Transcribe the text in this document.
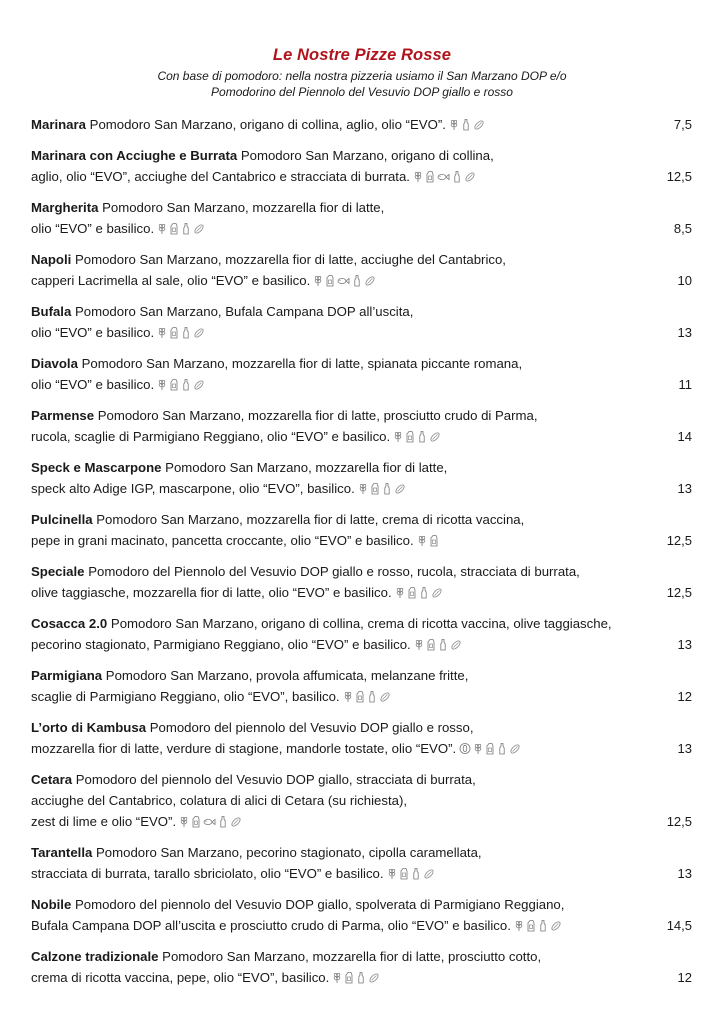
Le Nostre Pizze Rosse
Con base di pomodoro: nella nostra pizzeria usiamo il San Marzano DOP e/o
Pomodorino del Piennolo del Vesuvio DOP giallo e rosso
Marinara Pomodoro San Marzano, origano di collina, aglio, olio “EVO”.	7,5
Marinara con Acciughe e Burrata Pomodoro San Marzano, origano di collina,
aglio, olio “EVO”, acciughe del Cantabrico e stracciata di burrata.	12,5
Margherita Pomodoro San Marzano, mozzarella fior di latte,
olio “EVO” e basilico.	8,5
Napoli Pomodoro San Marzano, mozzarella fior di latte, acciughe del Cantabrico,
capperi Lacrimella al sale, olio “EVO” e basilico.	10
Bufala Pomodoro San Marzano, Bufala Campana DOP all’uscita,
olio “EVO” e basilico.	13
Diavola Pomodoro San Marzano, mozzarella fior di latte, spianata piccante romana,
olio “EVO” e basilico.	11
Parmense Pomodoro San Marzano, mozzarella fior di latte, prosciutto crudo di Parma,
rucola, scaglie di Parmigiano Reggiano, olio “EVO” e basilico.	14
Speck e Mascarpone Pomodoro San Marzano, mozzarella fior di latte,
speck alto Adige IGP, mascarpone, olio “EVO”, basilico.	13
Pulcinella Pomodoro San Marzano, mozzarella fior di latte, crema di ricotta vaccina,
pepe in grani macinato, pancetta croccante, olio “EVO” e basilico.	12,5
Speciale Pomodoro del Piennolo del Vesuvio DOP giallo e rosso, rucola, stracciata di burrata,
olive taggiasche, mozzarella fior di latte, olio “EVO” e basilico.	12,5
Cosacca 2.0 Pomodoro San Marzano, origano di collina, crema di ricotta vaccina, olive taggiasche,
pecorino stagionato, Parmigiano Reggiano, olio “EVO” e basilico.	13
Parmigiana Pomodoro San Marzano, provola affumicata, melanzane fritte,
scaglie di Parmigiano Reggiano, olio “EVO”, basilico.	12
L’orto di Kambusa Pomodoro del piennolo del Vesuvio DOP giallo e rosso,
mozzarella fior di latte, verdure di stagione, mandorle tostate, olio “EVO”.	13
Cetara Pomodoro del piennolo del Vesuvio DOP giallo, stracciata di burrata,
acciughe del Cantabrico, colatura di alici di Cetara (su richiesta),
zest di lime e olio “EVO”.	12,5
Tarantella Pomodoro San Marzano, pecorino stagionato, cipolla caramellata,
stracciata di burrata, tarallo sbriciolato, olio “EVO” e basilico.	13
Nobile Pomodoro del piennolo del Vesuvio DOP giallo, spolverata di Parmigiano Reggiano,
Bufala Campana DOP all’uscita e prosciutto crudo di Parma, olio “EVO” e basilico.	14,5
Calzone tradizionale Pomodoro San Marzano, mozzarella fior di latte, prosciutto cotto,
crema di ricotta vaccina, pepe, olio “EVO”, basilico.	12
